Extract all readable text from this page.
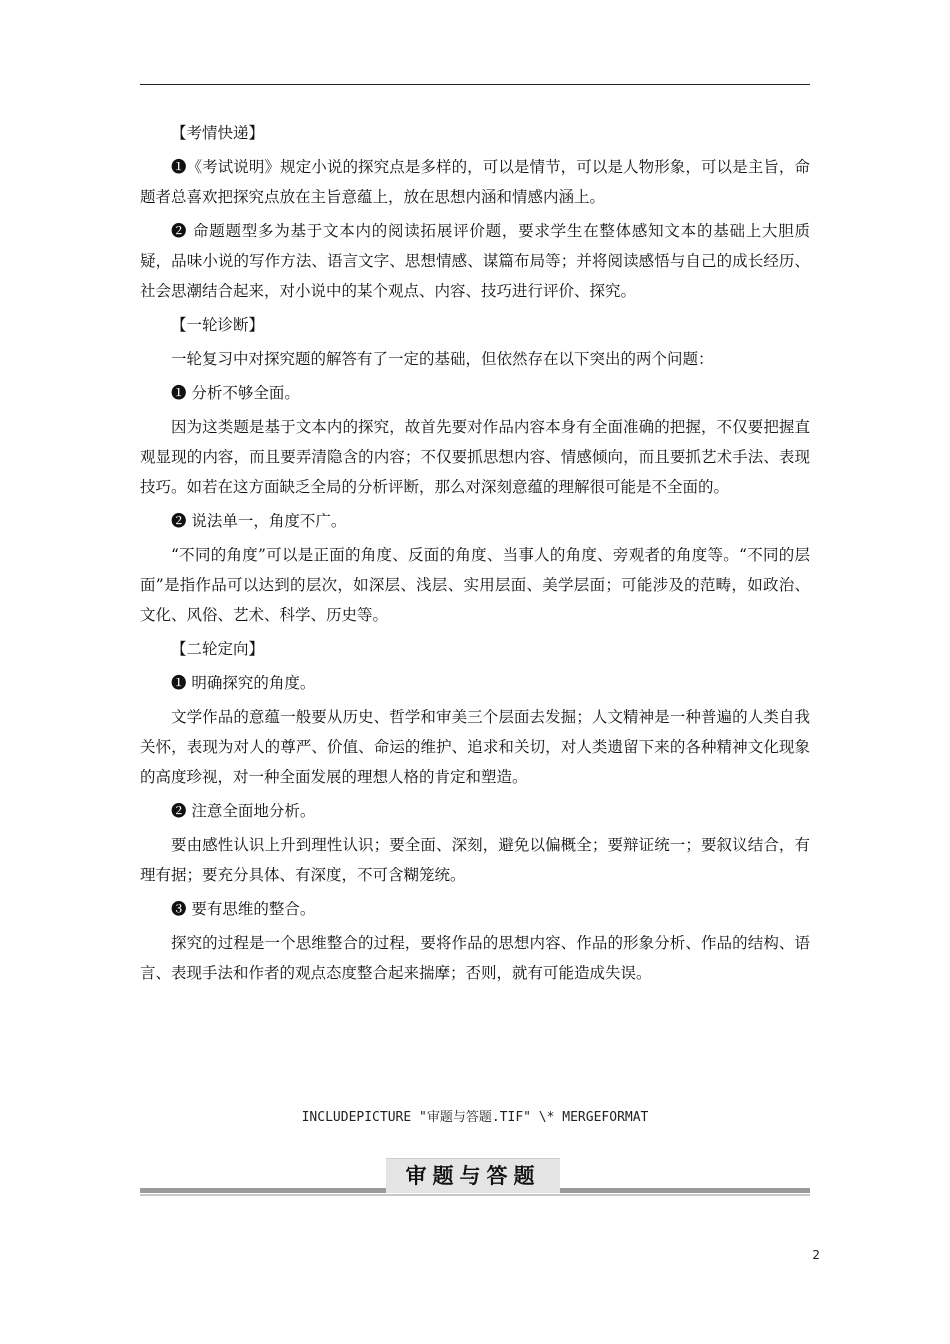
【考情快递】

❶《考试说明》规定小说的探究点是多样的，可以是情节，可以是人物形象，可以是主旨，命题者总喜欢把探究点放在主旨意蕴上，放在思想内涵和情感内涵上。

❷ 命题题型多为基于文本内的阅读拓展评价题，要求学生在整体感知文本的基础上大胆质疑，品味小说的写作方法、语言文字、思想情感、谋篇布局等；并将阅读感悟与自己的成长经历、社会思潮结合起来，对小说中的某个观点、内容、技巧进行评价、探究。

【一轮诊断】

一轮复习中对探究题的解答有了一定的基础，但依然存在以下突出的两个问题：

❶ 分析不够全面。

因为这类题是基于文本内的探究，故首先要对作品内容本身有全面准确的把握，不仅要把握直观显现的内容，而且要弄清隐含的内容；不仅要抓思想内容、情感倾向，而且要抓艺术手法、表现技巧。如若在这方面缺乏全局的分析评断，那么对深刻意蕴的理解很可能是不全面的。

❷ 说法单一，角度不广。

“不同的角度”可以是正面的角度、反面的角度、当事人的角度、旁观者的角度等。“不同的层面”是指作品可以达到的层次，如深层、浅层、实用层面、美学层面；可能涉及的范畴，如政治、文化、风俗、艺术、科学、历史等。

【二轮定向】

❶ 明确探究的角度。

文学作品的意蕴一般要从历史、哲学和审美三个层面去发掘；人文精神是一种普遍的人类自我关怀，表现为对人的尊严、价值、命运的维护、追求和关切，对人类遗留下来的各种精神文化现象的高度珍视，对一种全面发展的理想人格的肯定和塑造。

❷ 注意全面地分析。

要由感性认识上升到理性认识；要全面、深刻，避免以偏概全；要辩证统一；要叙议结合，有理有据；要充分具体、有深度，不可含糊笼统。

❸ 要有思维的整合。

探究的过程是一个思维整合的过程，要将作品的思想内容、作品的形象分析、作品的结构、语言、表现手法和作者的观点态度整合起来揣摩；否则，就有可能造成失误。

INCLUDEPICTURE "审题与答题.TIF" \* MERGEFORMAT
审题与答题
2
